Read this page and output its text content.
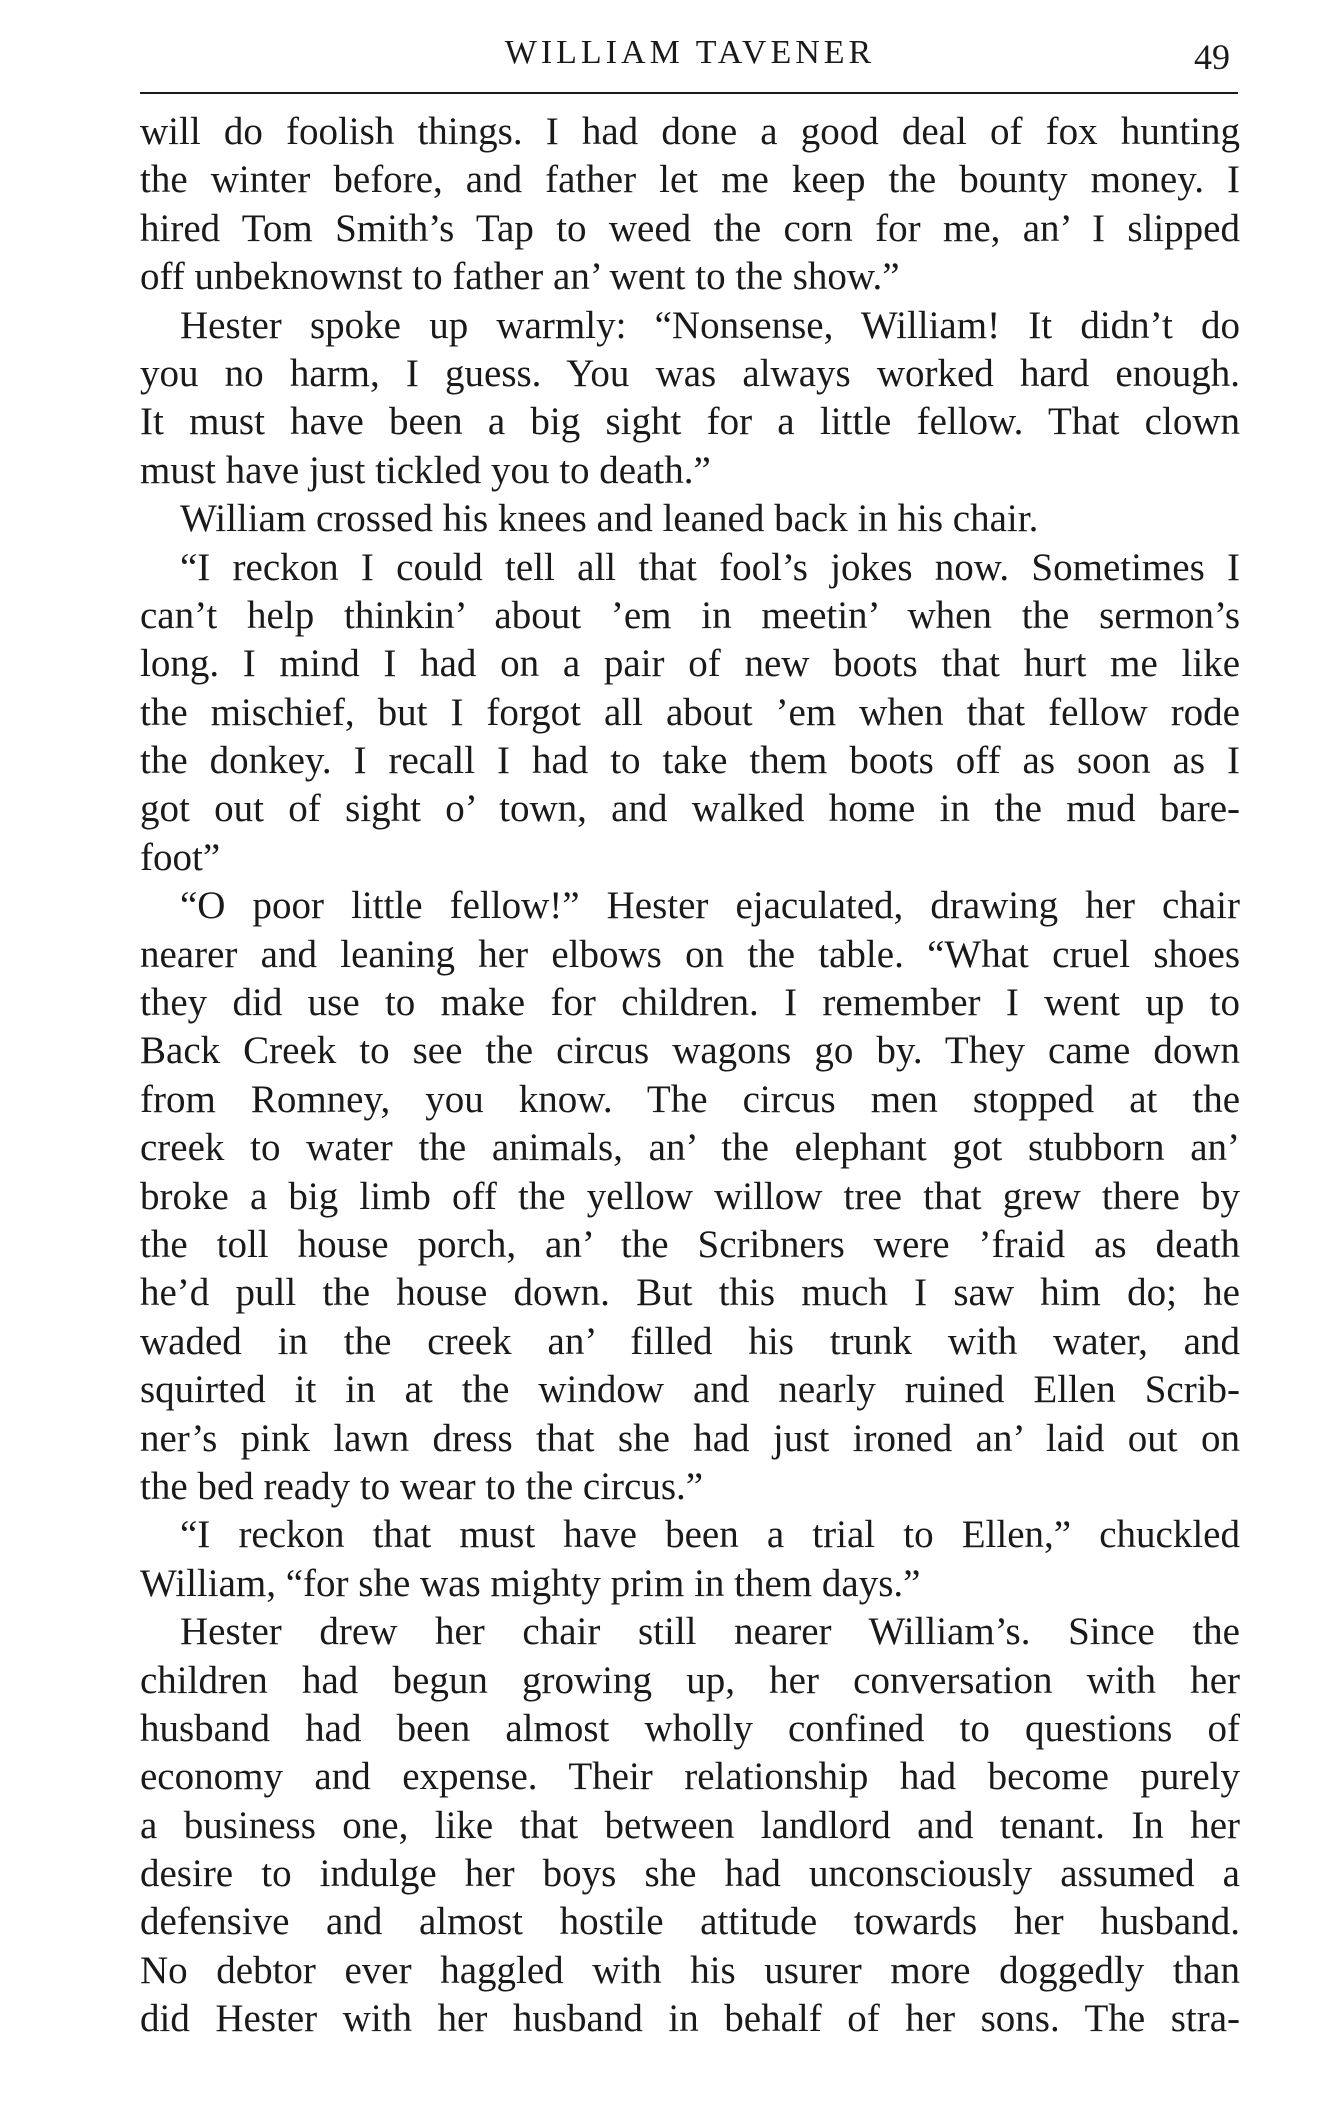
WILLIAM TAVENER	49
will do foolish things. I had done a good deal of fox hunting
the winter before, and father let me keep the bounty money. I
hired Tom Smith’s Tap to weed the corn for me, an’ I slipped
off unbeknownst to father an’ went to the show.”
Hester spoke up warmly: “Nonsense, William! It didn’t do
you no harm, I guess. You was always worked hard enough.
It must have been a big sight for a little fellow. That clown
must have just tickled you to death.”
William crossed his knees and leaned back in his chair.
“I reckon I could tell all that fool’s jokes now. Sometimes I
can’t help thinkin’ about ’em in meetin’ when the sermon’s
long. I mind I had on a pair of new boots that hurt me like
the mischief, but I forgot all about ’em when that fellow rode
the donkey. I recall I had to take them boots off as soon as I
got out of sight o’ town, and walked home in the mud bare-
foot”
“O poor little fellow!” Hester ejaculated, drawing her chair
nearer and leaning her elbows on the table. “What cruel shoes
they did use to make for children. I remember I went up to
Back Creek to see the circus wagons go by. They came down
from Romney, you know. The circus men stopped at the
creek to water the animals, an’ the elephant got stubborn an’
broke a big limb off the yellow willow tree that grew there by
the toll house porch, an’ the Scribners were ’fraid as death
he’d pull the house down. But this much I saw him do; he
waded in the creek an’ filled his trunk with water, and
squirted it in at the window and nearly ruined Ellen Scrib-
ner’s pink lawn dress that she had just ironed an’ laid out on
the bed ready to wear to the circus.”
“I reckon that must have been a trial to Ellen,” chuckled
William, “for she was mighty prim in them days.”
Hester drew her chair still nearer William’s. Since the
children had begun growing up, her conversation with her
husband had been almost wholly confined to questions of
economy and expense. Their relationship had become purely
a business one, like that between landlord and tenant. In her
desire to indulge her boys she had unconsciously assumed a
defensive and almost hostile attitude towards her husband.
No debtor ever haggled with his usurer more doggedly than
did Hester with her husband in behalf of her sons. The stra-
